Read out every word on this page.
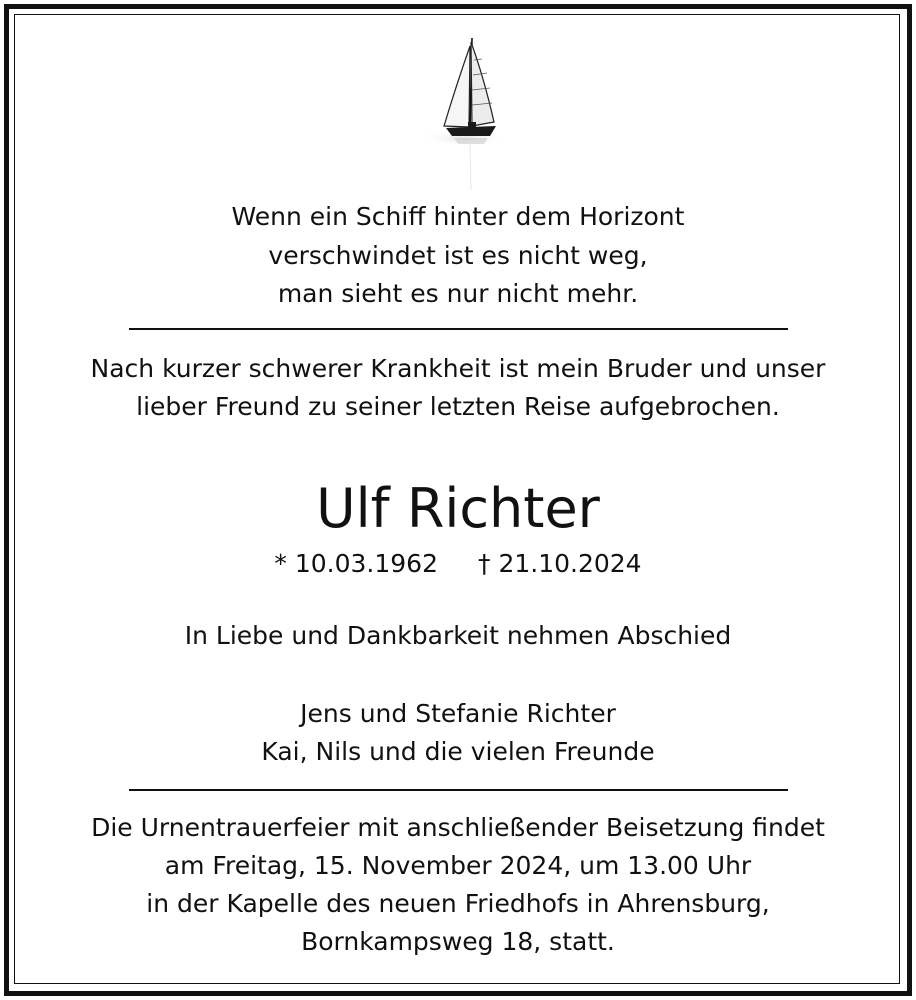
Wenn ein Schiff hinter dem Horizont
verschwindet ist es nicht weg,
man sieht es nur nicht mehr.
Nach kurzer schwerer Krankheit ist mein Bruder und unser
lieber Freund zu seiner letzten Reise aufgebrochen.
Ulf Richter
* 10.03.1962 † 21.10.2024
In Liebe und Dankbarkeit nehmen Abschied
Jens und Stefanie Richter
Kai, Nils und die vielen Freunde
Die Urnentrauerfeier mit anschließender Beisetzung findet
am Freitag, 15. November 2024, um 13.00 Uhr
in der Kapelle des neuen Friedhofs in Ahrensburg,
Bornkampsweg 18, statt.
